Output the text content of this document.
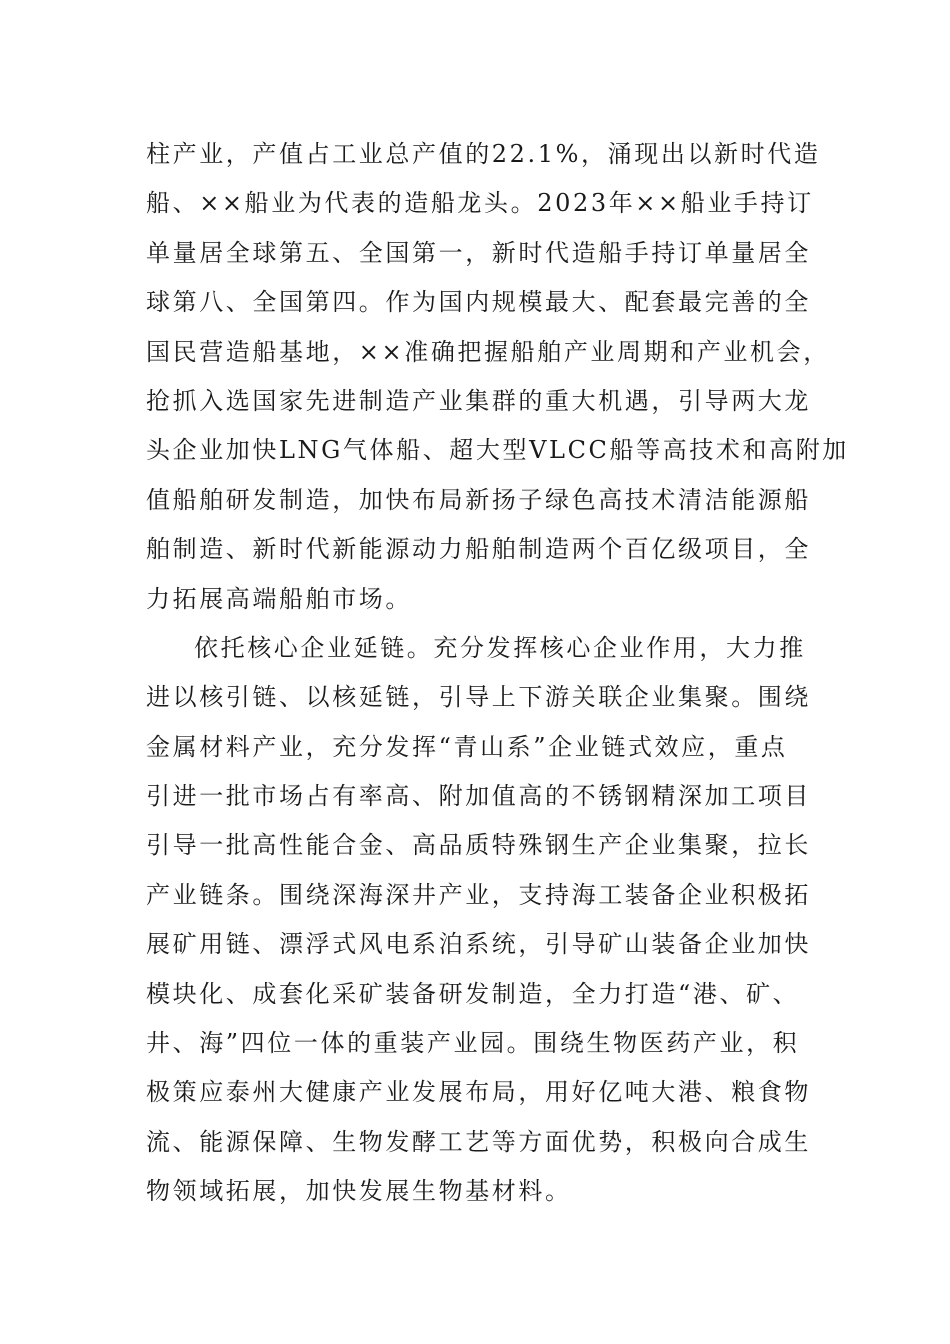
柱产业，产值占工业总产值的22.1%，涌现出以新时代造
船、××船业为代表的造船龙头。2023年××船业手持订
单量居全球第五、全国第一，新时代造船手持订单量居全
球第八、全国第四。作为国内规模最大、配套最完善的全
国民营造船基地，××准确把握船舶产业周期和产业机会，
抢抓入选国家先进制造产业集群的重大机遇，引导两大龙
头企业加快LNG气体船、超大型VLCC船等高技术和高附加
值船舶研发制造，加快布局新扬子绿色高技术清洁能源船
舶制造、新时代新能源动力船舶制造两个百亿级项目，全
力拓展高端船舶市场。
依托核心企业延链。充分发挥核心企业作用，大力推
进以核引链、以核延链，引导上下游关联企业集聚。围绕
金属材料产业，充分发挥“青山系”企业链式效应，重点
引进一批市场占有率高、附加值高的不锈钢精深加工项目
引导一批高性能合金、高品质特殊钢生产企业集聚，拉长
产业链条。围绕深海深井产业，支持海工装备企业积极拓
展矿用链、漂浮式风电系泊系统，引导矿山装备企业加快
模块化、成套化采矿装备研发制造，全力打造“港、矿、
井、海”四位一体的重装产业园。围绕生物医药产业，积
极策应泰州大健康产业发展布局，用好亿吨大港、粮食物
流、能源保障、生物发酵工艺等方面优势，积极向合成生
物领域拓展，加快发展生物基材料。
